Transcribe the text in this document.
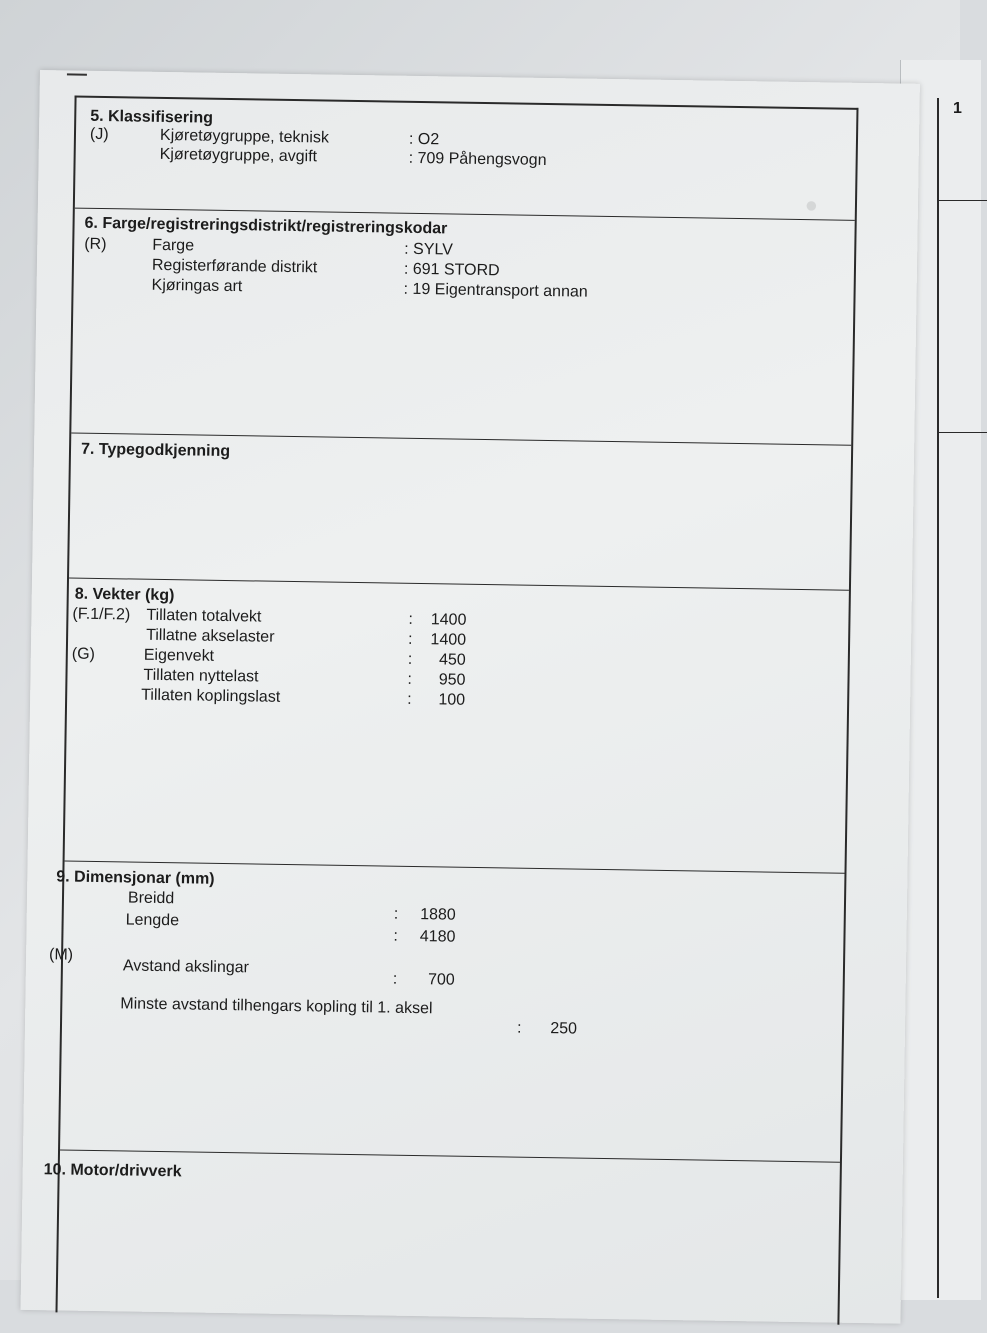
1
●
5. Klassifisering
(J)	Kjøretøygruppe, teknisk	: O2
Kjøretøygruppe, avgift	: 709 Påhengsvogn
6. Farge/registreringsdistrikt/registreringskodar
(R)	Farge	: SYLV
Registerførande distrikt	: 691 STORD
Kjøringas art	: 19 Eigentransport annan
7. Typegodkjenning
8. Vekter (kg)
(F.1/F.2)
(G)
Tillaten totalvekt	:	1400
Tillatne akselaster	:	1400
Eigenvekt	:	450
Tillaten nyttelast	:	950
Tillaten koplingslast	:	100
9. Dimensjonar (mm)
Breidd
:	1880
Lengde
:	4180
(M)
Avstand akslingar
:	700
Minste avstand tilhengars kopling til 1. aksel
:	250
10. Motor/drivverk
